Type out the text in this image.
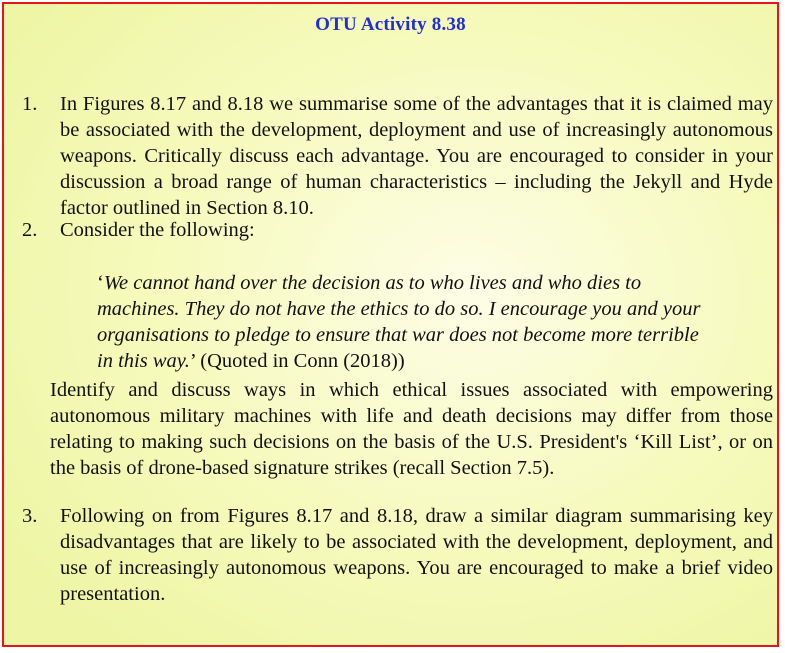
OTU Activity 8.38
1. In Figures 8.17 and 8.18 we summarise some of the advantages that it is claimed may be associated with the development, deployment and use of increasingly autonomous weapons. Critically discuss each advantage. You are encouraged to consider in your discussion a broad range of human characteristics – including the Jekyll and Hyde factor outlined in Section 8.10.
2. Consider the following:
‘We cannot hand over the decision as to who lives and who dies to machines. They do not have the ethics to do so. I encourage you and your organisations to pledge to ensure that war does not become more terrible in this way.’ (Quoted in Conn (2018))
Identify and discuss ways in which ethical issues associated with empowering autonomous military machines with life and death decisions may differ from those relating to making such decisions on the basis of the U.S. President's ‘Kill List’, or on the basis of drone-based signature strikes (recall Section 7.5).
3. Following on from Figures 8.17 and 8.18, draw a similar diagram summarising key disadvantages that are likely to be associated with the development, deployment, and use of increasingly autonomous weapons. You are encouraged to make a brief video presentation.
